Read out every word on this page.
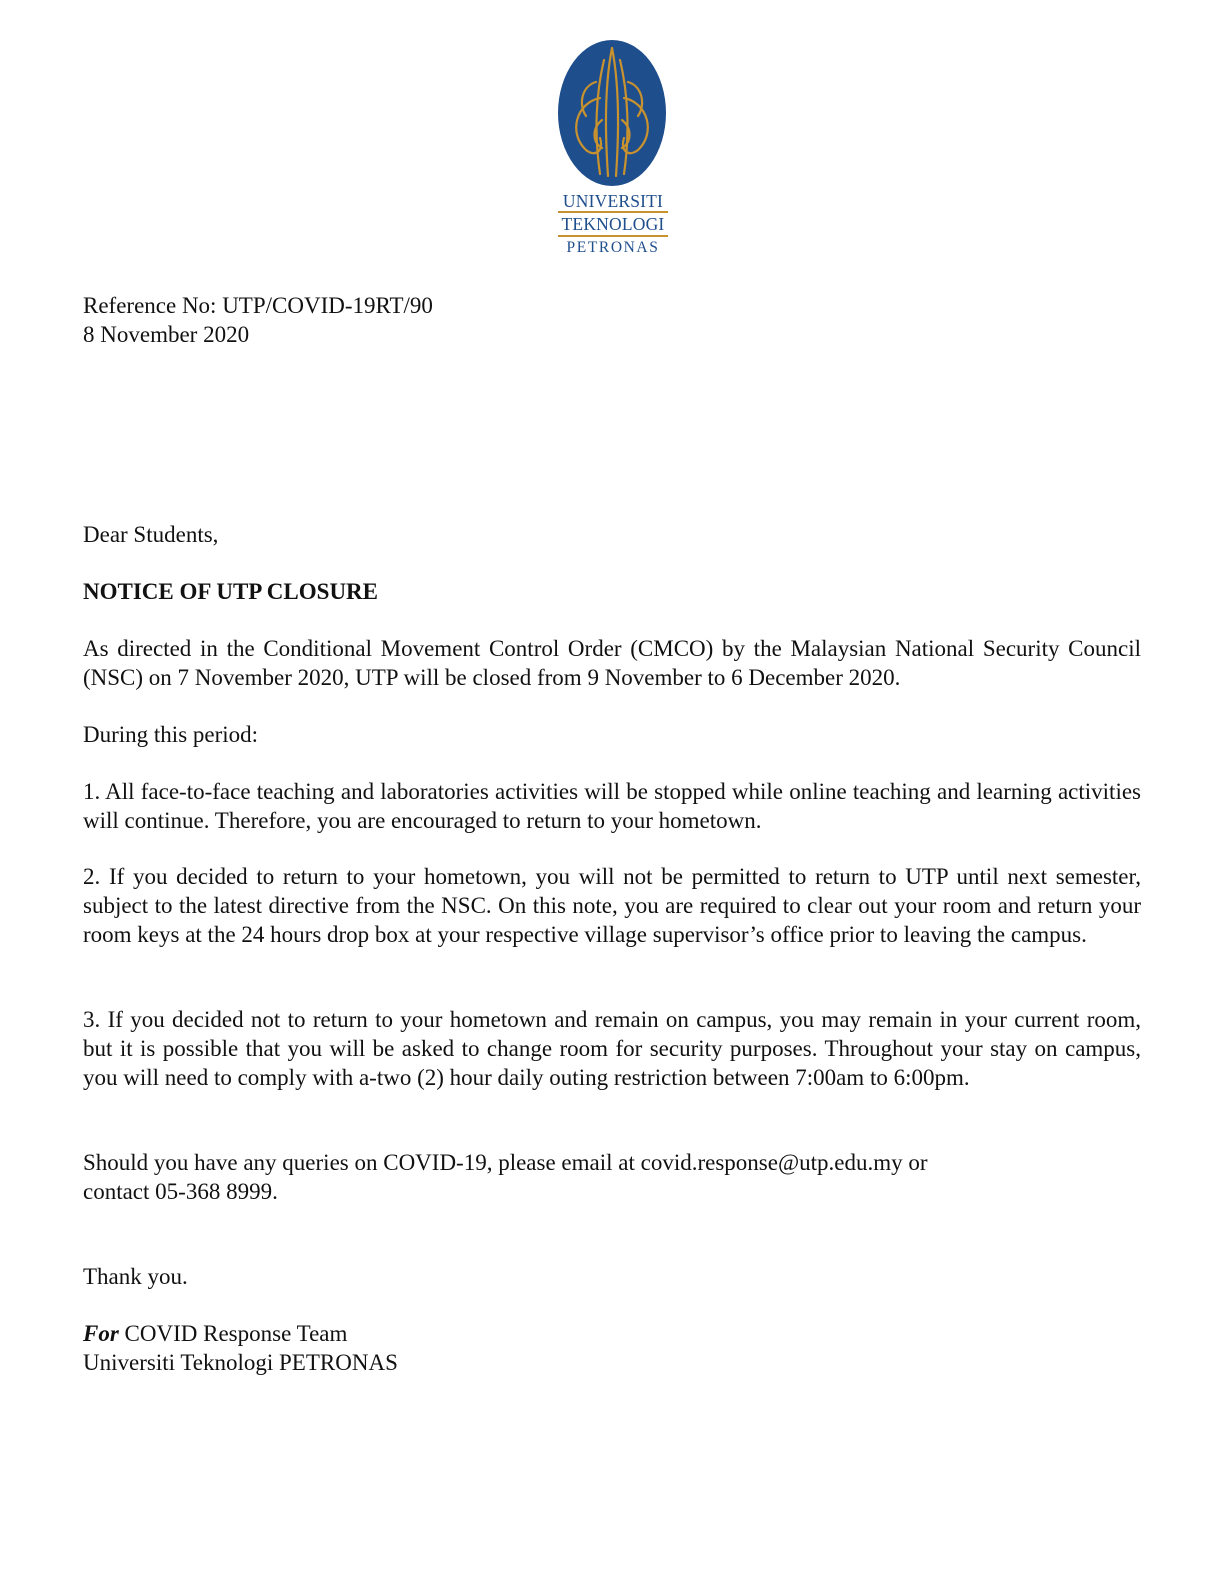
UNIVERSITI
TEKNOLOGI
PETRONAS

Reference No: UTP/COVID-19RT/90

8 November 2020

Dear Students,

NOTICE OF UTP CLOSURE

As directed in the Conditional Movement Control Order (CMCO) by the Malaysian National Security Council (NSC) on 7 November 2020, UTP will be closed from 9 November to 6 December 2020.

During this period:

1. All face-to-face teaching and laboratories activities will be stopped while online teaching and learning activities will continue. Therefore, you are encouraged to return to your hometown.

2. If you decided to return to your hometown, you will not be permitted to return to UTP until next semester, subject to the latest directive from the NSC. On this note, you are required to clear out your room and return your room keys at the 24 hours drop box at your respective village supervisor’s office prior to leaving the campus.

3. If you decided not to return to your hometown and remain on campus, you may remain in your current room, but it is possible that you will be asked to change room for security purposes. Throughout your stay on campus, you will need to comply with a-two (2) hour daily outing restriction between 7:00am to 6:00pm.

Should you have any queries on COVID-19, please email at covid.response@utp.edu.my or

contact 05-368 8999.

Thank you.

For COVID Response Team

Universiti Teknologi PETRONAS
